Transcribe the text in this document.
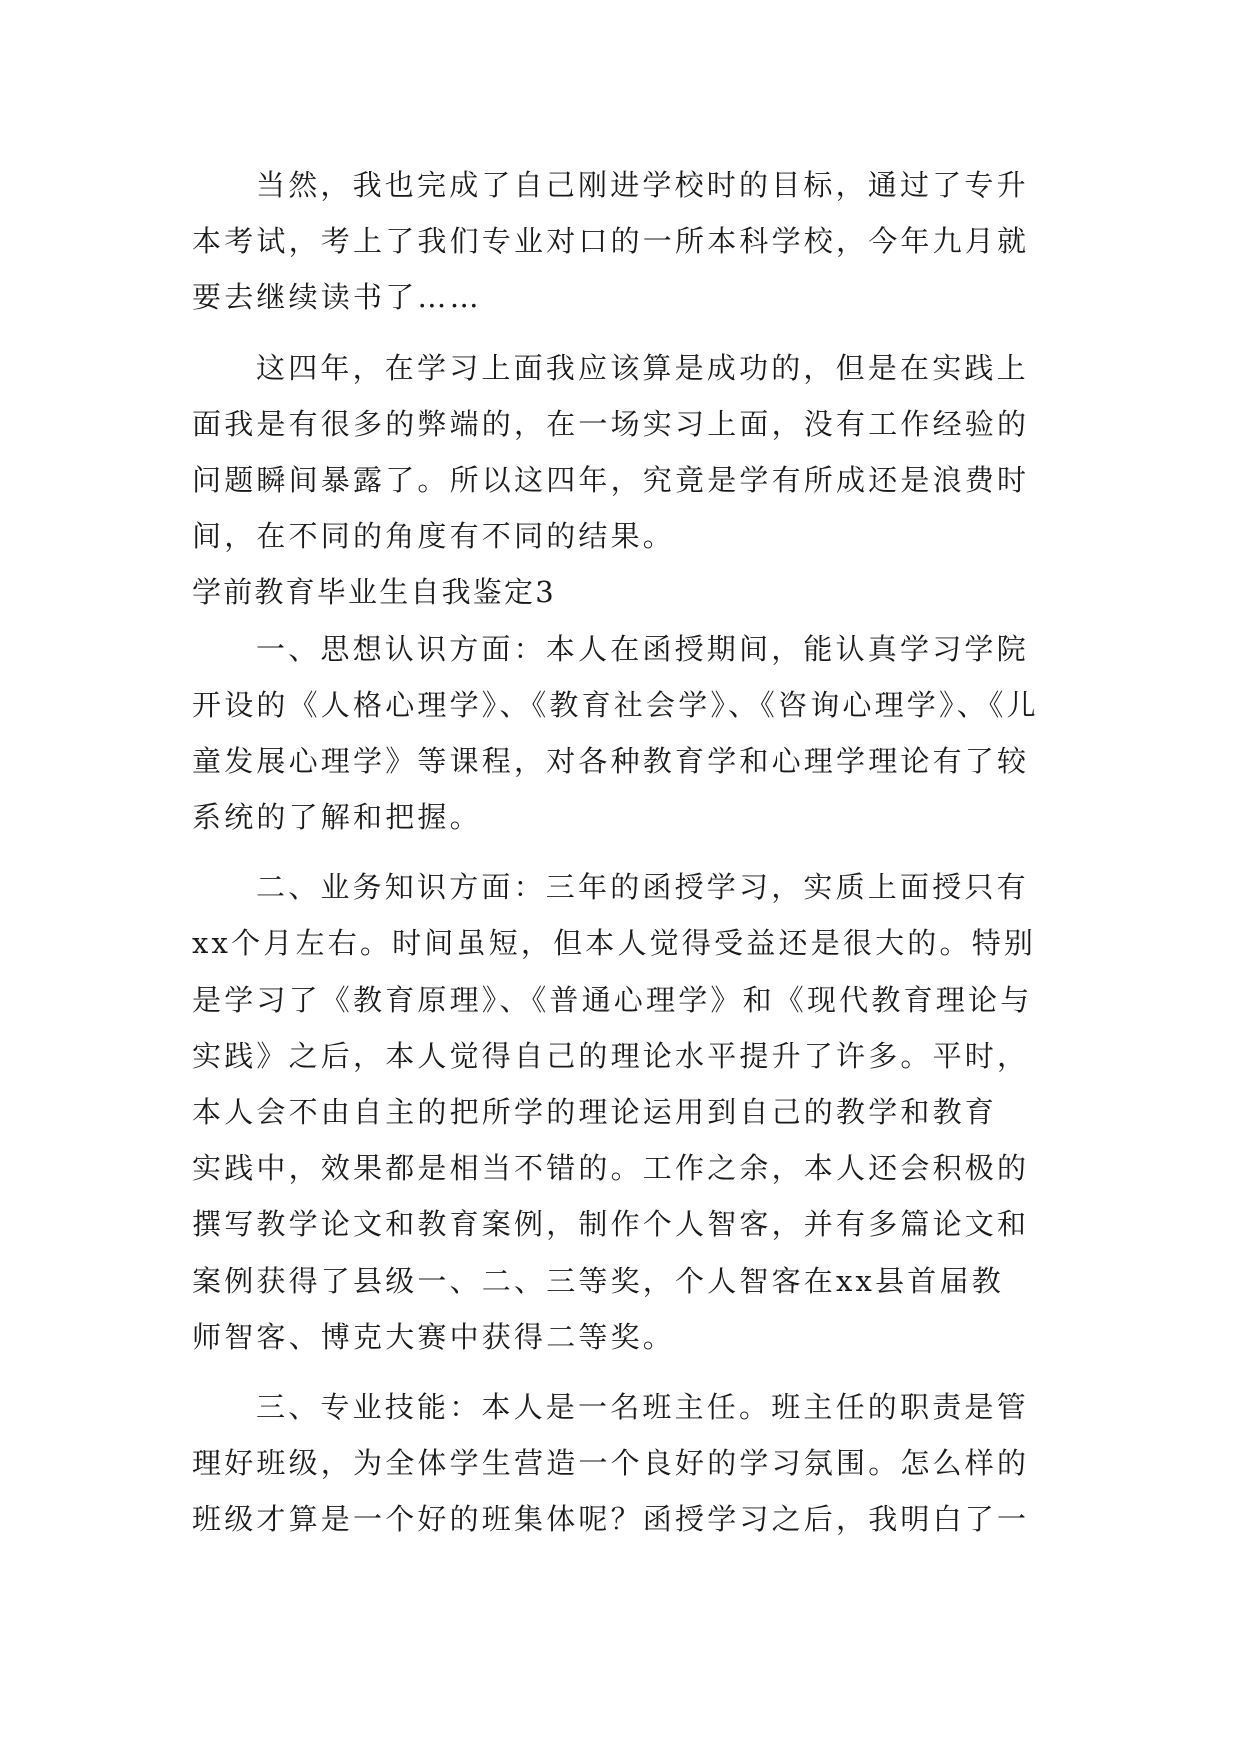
当然，我也完成了自己刚进学校时的目标，通过了专升
本考试，考上了我们专业对口的一所本科学校，今年九月就
要去继续读书了……
这四年，在学习上面我应该算是成功的，但是在实践上
面我是有很多的弊端的，在一场实习上面，没有工作经验的
问题瞬间暴露了。所以这四年，究竟是学有所成还是浪费时
间，在不同的角度有不同的结果。
学前教育毕业生自我鉴定3
一、思想认识方面：本人在函授期间，能认真学习学院
开设的《人格心理学》、《教育社会学》、《咨询心理学》、《儿
童发展心理学》等课程，对各种教育学和心理学理论有了较
系统的了解和把握。
二、业务知识方面：三年的函授学习，实质上面授只有
xx个月左右。时间虽短，但本人觉得受益还是很大的。特别
是学习了《教育原理》、《普通心理学》和《现代教育理论与
实践》之后，本人觉得自己的理论水平提升了许多。平时，
本人会不由自主的把所学的理论运用到自己的教学和教育
实践中，效果都是相当不错的。工作之余，本人还会积极的
撰写教学论文和教育案例，制作个人智客，并有多篇论文和
案例获得了县级一、二、三等奖，个人智客在xx县首届教
师智客、博克大赛中获得二等奖。
三、专业技能：本人是一名班主任。班主任的职责是管
理好班级，为全体学生营造一个良好的学习氛围。怎么样的
班级才算是一个好的班集体呢？函授学习之后，我明白了一
